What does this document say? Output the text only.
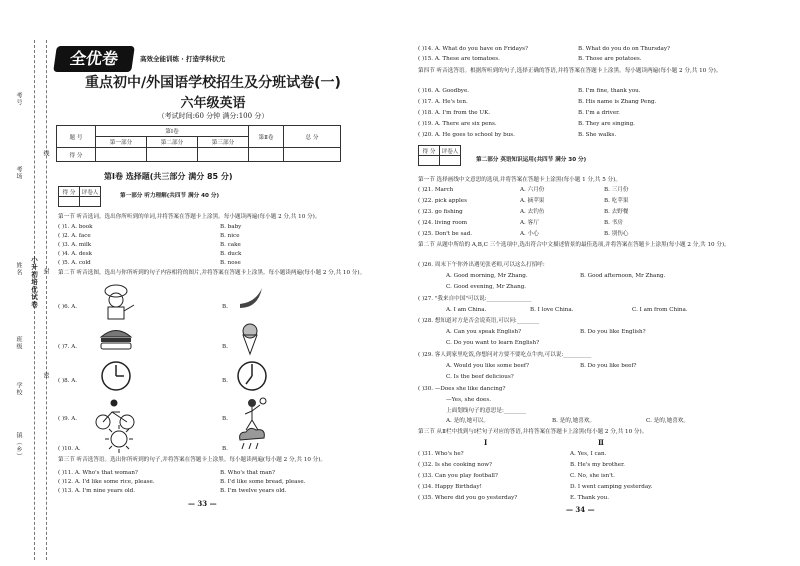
考号
考场
姓名
班级
学校
镇（乡）
小升初培优试卷
线
封
密
全优卷	高效全能训练 · 打造学科状元
重点初中/外国语学校招生及分班试卷(一)
六年级英语
（考试时间:60 分钟 满分:100 分）
题 号	第Ⅰ卷			第Ⅱ卷	总 分
	第一部分	第二部分	第三部分		
得 分					
第Ⅰ卷 选择题(共三部分 满分 85 分)
得 分	评卷人

第一部分 听力理解(共四节 满分 40 分)
第一节 听音选词。选出你所听到的单词,并将答案在答题卡上涂黑。每小题读两遍(每小题 2 分,共 10 分)。
( )1. A. book	B. baby
( )2. A. face	B. nice
( )3. A. milk	B. cake
( )4. A. desk	B. duck
( )5. A. cold	B. nose
第二节 听音选图。选出与你所听到的句子内容相符的图片,并将答案在答题卡上涂黑。每小题读两遍(每小题 2 分,共 10 分)。
( )6. A.	B.
( )7. A.	B.
( )8. A.	B.
( )9. A.	B.
( )10. A.	B.
第三节 听音选答语。选出你所听到的句子,并将答案在答题卡上涂黑。每小题读两遍(每小题 2 分,共 10 分)。
( )11. A. Who's that woman?	B. Who's that man?
( )12. A. I'd like some rice, please.	B. I'd like some bread, please.
( )13. A. I'm nine years old.	B. I'm twelve years old.
— 33 —
( )14. A. What do you have on Fridays?	B. What do you do on Thursday?
( )15. A. These are tomatoes.	B. Those are potatoes.
第四节 听音选答语。根据所听到的句子,选择正确的答语,并将答案在答题卡上涂黑。每小题读两遍(每小题 2 分,共 10 分)。
( )16. A. Goodbye.	B. I'm fine, thank you.
( )17. A. He's ten.	B. His name is Zhang Peng.
( )18. A. I'm from the UK.	B. I'm a driver.
( )19. A. There are six pens.	B. They are singing.
( )20. A. He goes to school by bus.	B. She walks.
得 分	评卷人

第二部分 英语知识运用(共四节 满分 30 分)
第一节 选择画线中文意思的选项,并将答案在答题卡上涂黑(每小题 1 分,共 5 分)。
( )21. March	A. 六月份	B. 三月份
( )22. pick apples	A. 摘苹果	B. 吃苹果
( )23. go fishing	A. 去钓鱼	B. 去野餐
( )24. living room	A. 客厅	B. 书房
( )25. Don't be sad.	A. 小心	B. 别伤心
第二节 从题中所给的 A,B,C 三个选项中,选出符合中文描述情景的最佳选项,并将答案在答题卡上涂黑(每小题 2 分,共 10 分)。
( )26. 周末下午你外出遇见张老师,可以这么打招呼:
A. Good morning, Mr Zhang.	B. Good afternoon, Mr Zhang.
C. Good evening, Mr Zhang.
( )27. "我来自中国"可以说:________________
A. I am China.	B. I love China.	C. I am from China.
( )28. 想知道对方是否会说英语,可以问:________
A. Can you speak English?	B. Do you like English?
C. Do you want to learn English?
( )29. 客人到家里吃饭,你想问对方要不要吃点牛肉,可以说:__________
A. Would you like some beef?	B. Do you like beef?
C. Is the beef delicious?
( )30. —Does she like dancing?
—Yes, she does.
上面划线句子的意思是:________
A. 是的,她可以。	B. 是的,她喜欢。	C. 是的,她喜欢。
第三节 从Ⅱ栏中找到与Ⅰ栏句子对应的答语,并将答案在答题卡上涂黑(每小题 2 分,共 10 分)。
Ⅰ	Ⅱ
( )31. Who's he?	A. Yes, I can.
( )32. Is she cooking now?	B. He's my brother.
( )33. Can you play football?	C. No, she isn't.
( )34. Happy Birthday!	D. I went camping yesterday.
( )35. Where did you go yesterday?	E. Thank you.
— 34 —
